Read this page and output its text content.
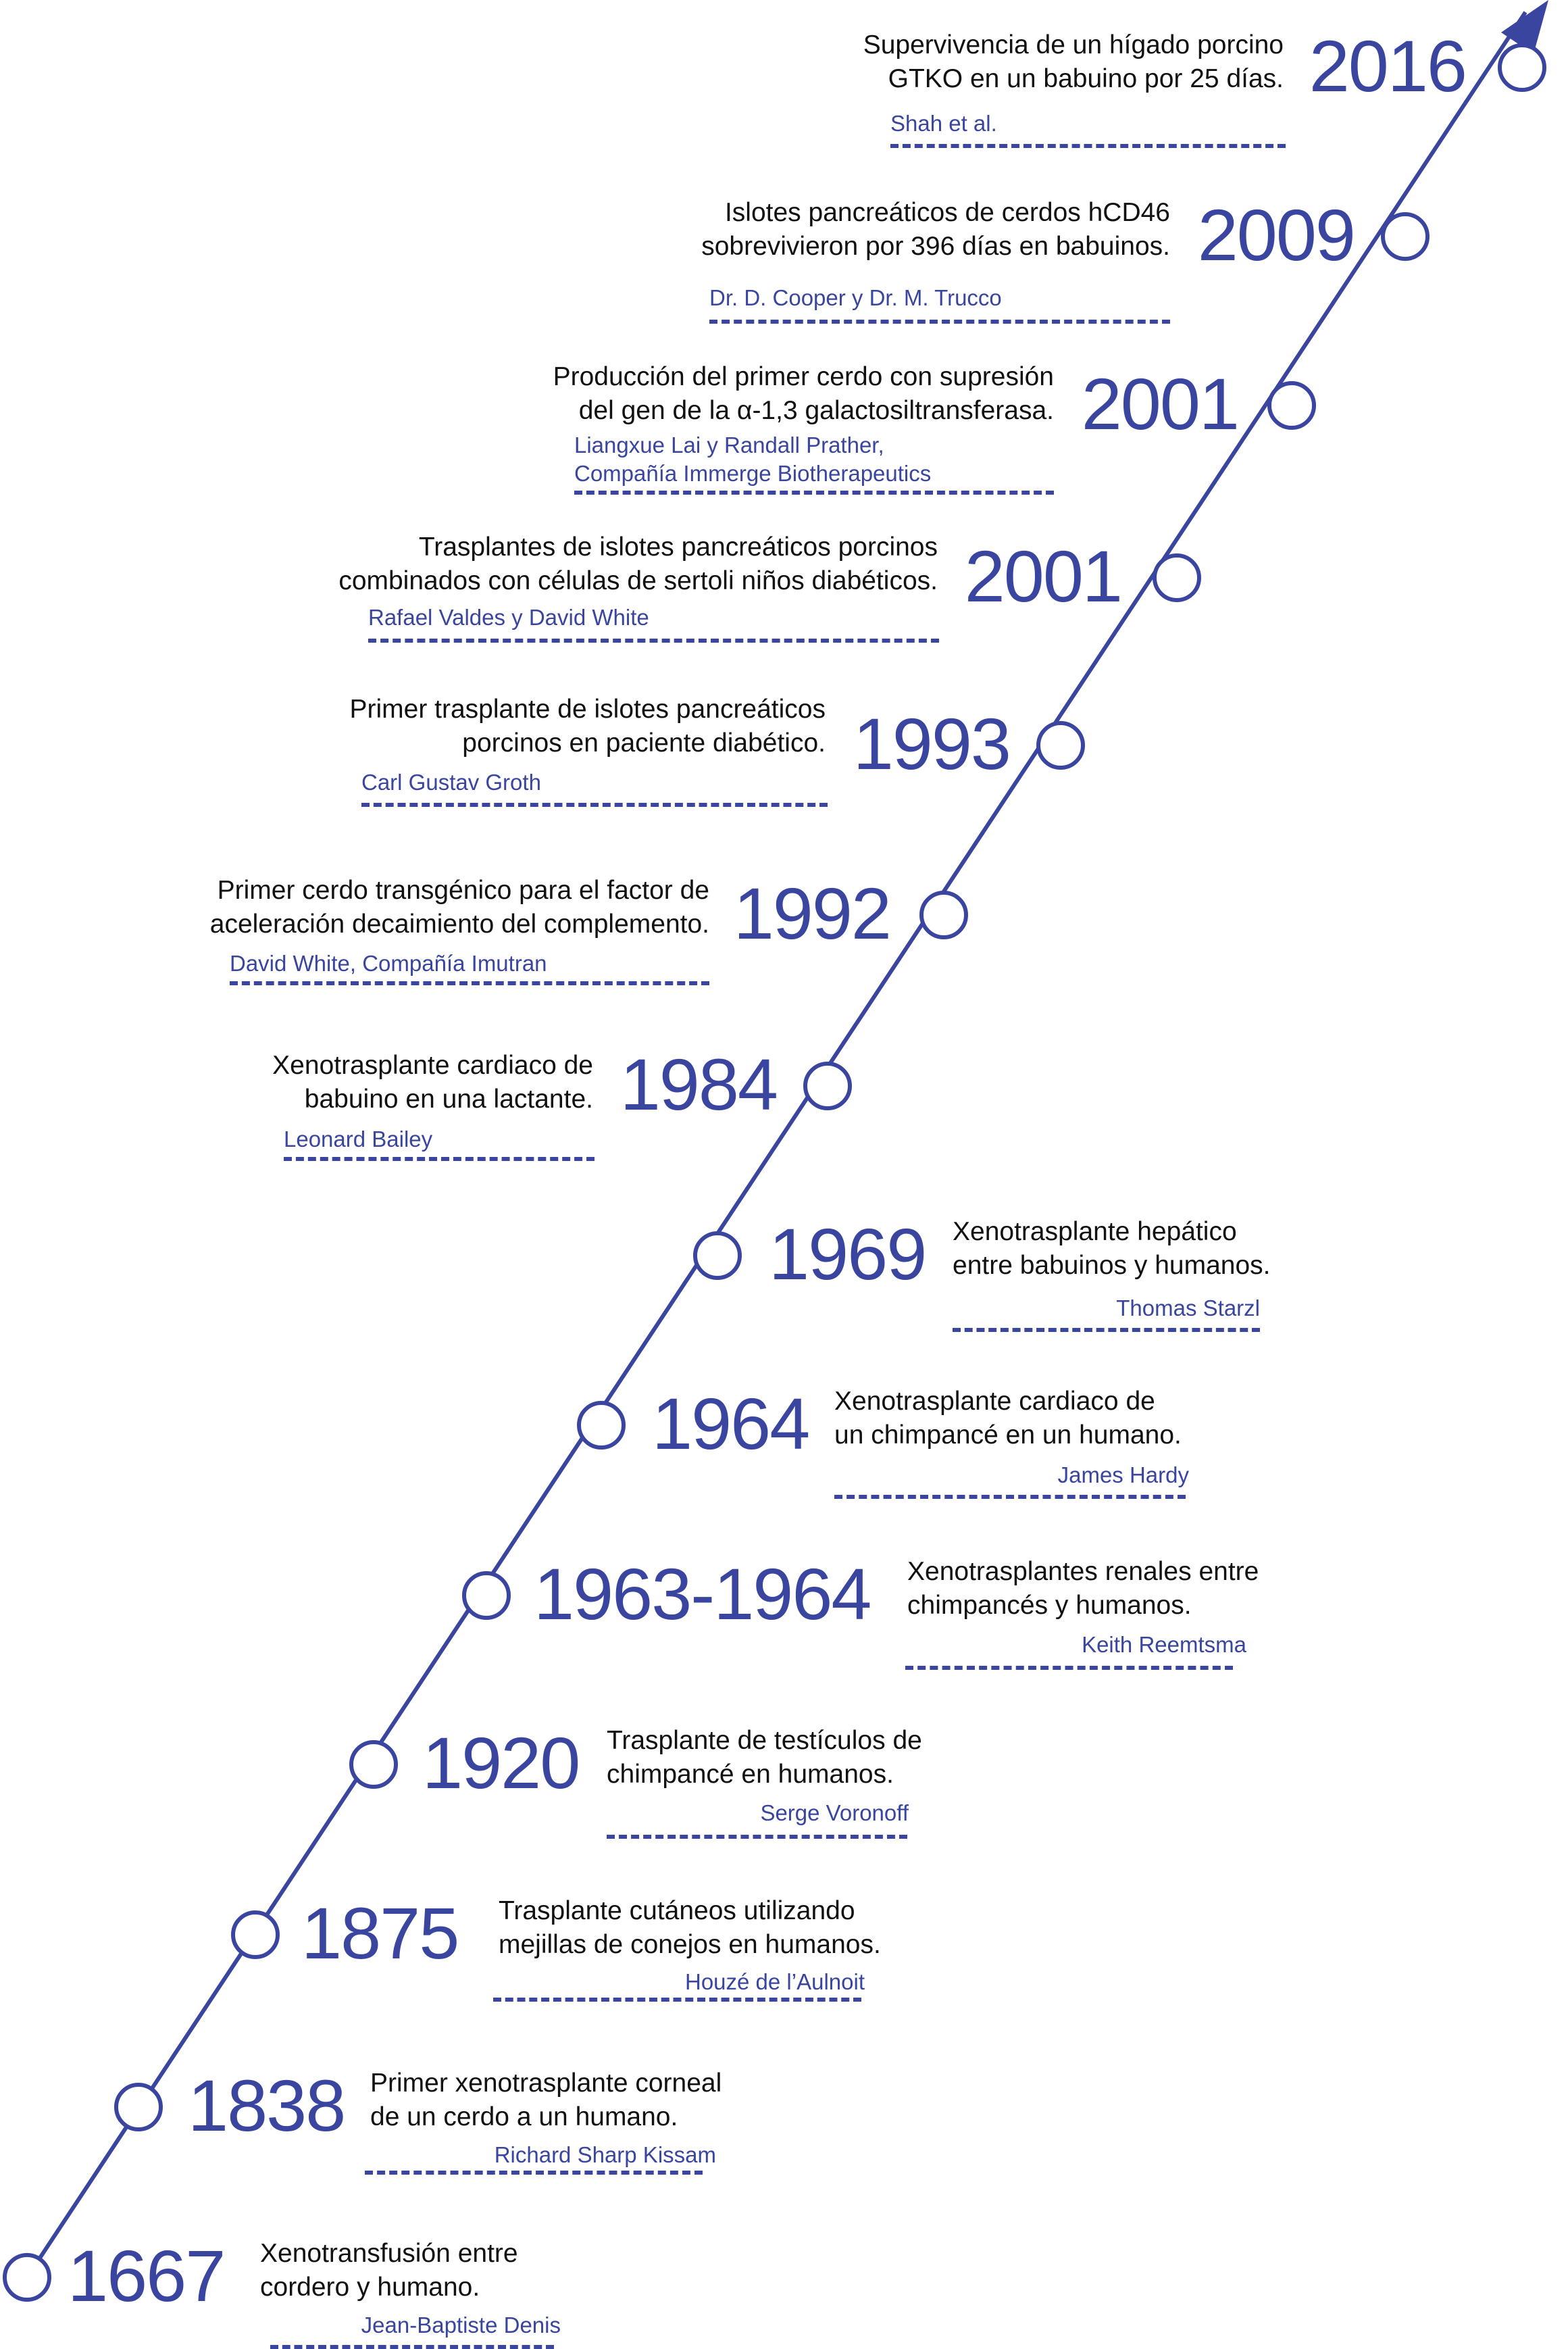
1667 Xenotransfusión entre
cordero y humano.
Jean-Baptiste Denis
1838 Primer xenotrasplante corneal
de un cerdo a un humano.
Richard Sharp Kissam
1875 Trasplante cutáneos utilizando
mejillas de conejos en humanos.
Houzé de l’Aulnoit
1920 Trasplante de testículos de
chimpancé en humanos.
Serge Voronoff
1963-1964 Xenotrasplantes renales entre
chimpancés y humanos.
Keith Reemtsma
1964 Xenotrasplante cardiaco de
un chimpancé en un humano.
James Hardy
1969 Xenotrasplante hepático
entre babuinos y humanos.
Thomas Starzl
1984
Xenotrasplante cardiaco de
babuino en una lactante.
Leonard Bailey
1992
Primer cerdo transgénico para el factor de
aceleración decaimiento del complemento.
David White, Compañía Imutran
1993
Primer trasplante de islotes pancreáticos
porcinos en paciente diabético.
Carl Gustav Groth
2001
Trasplantes de islotes pancreáticos porcinos
combinados con células de sertoli niños diabéticos.
Rafael Valdes y David White
2001
Producción del primer cerdo con supresión
del gen de la α-1,3 galactosiltransferasa.
Liangxue Lai y Randall Prather,
Compañía Immerge Biotherapeutics
2009
Islotes pancreáticos de cerdos hCD46
sobrevivieron por 396 días en babuinos.
Dr. D. Cooper y Dr. M. Trucco
2016
Supervivencia de un hígado porcino
GTKO en un babuino por 25 días.
Shah et al.
